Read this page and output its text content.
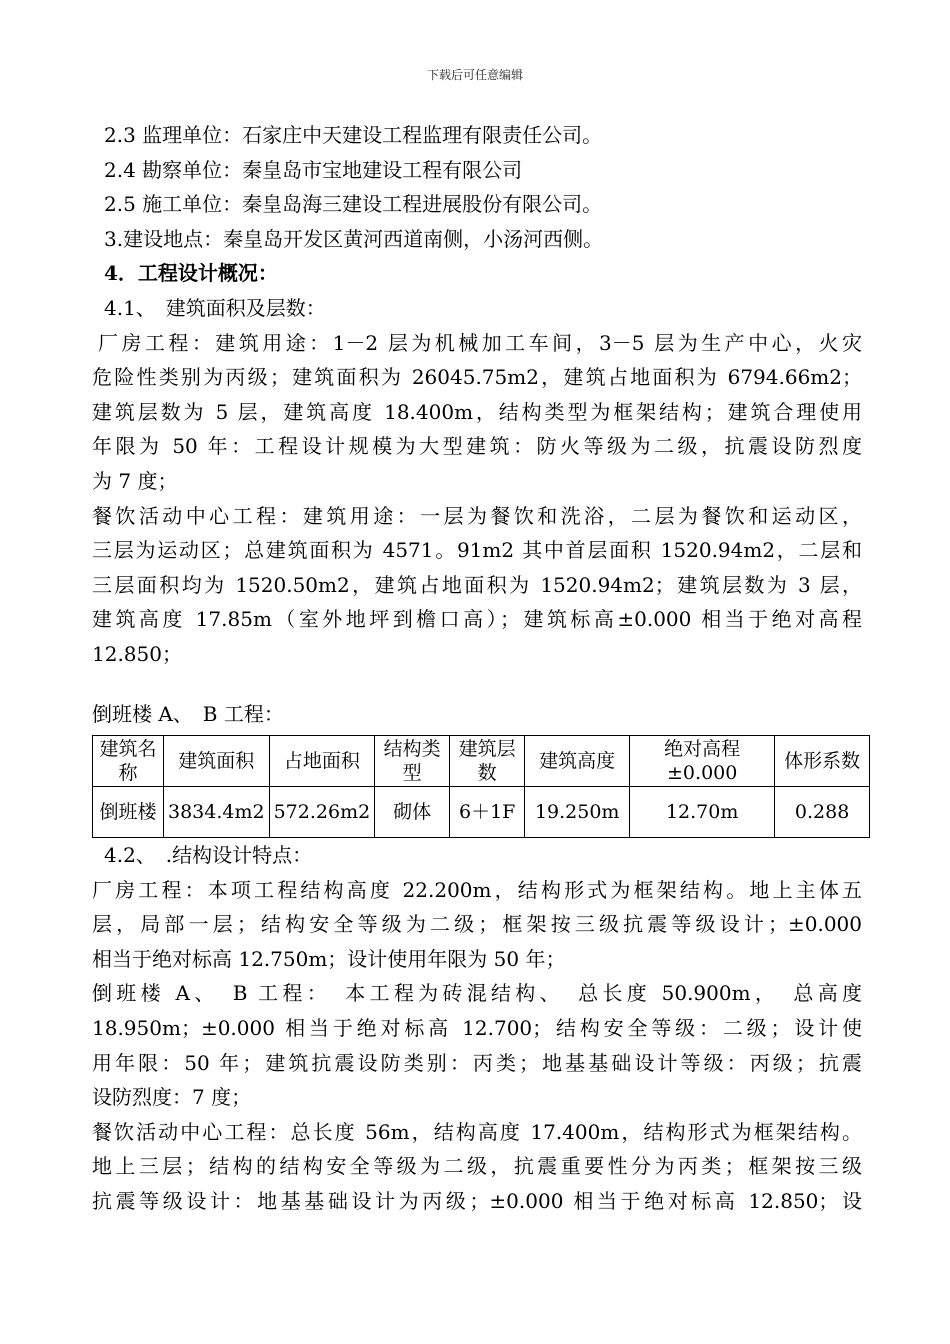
下载后可任意编辑

2.3 监理单位：石家庄中天建设工程监理有限责任公司。

2.4 勘察单位：秦皇岛市宝地建设工程有限公司

2.5 施工单位：秦皇岛海三建设工程进展股份有限公司。

3.建设地点：秦皇岛开发区黄河西道南侧，小汤河西侧。

4．工程设计概况：

4.1、　建筑面积及层数：

厂房工程：建筑用途：1－2 层为机械加工车间，3－5 层为生产中心，火灾

危险性类别为丙级；建筑面积为 26045.75m2，建筑占地面积为 6794.66m2；

建筑层数为 5 层，建筑高度 18.400m，结构类型为框架结构；建筑合理使用

年限为 50 年：工程设计规模为大型建筑：防火等级为二级，抗震设防烈度

为 7 度；

餐饮活动中心工程：建筑用途：一层为餐饮和洗浴，二层为餐饮和运动区，

三层为运动区；总建筑面积为 4571。91m2 其中首层面积 1520.94m2，二层和

三层面积均为 1520.50m2，建筑占地面积为 1520.94m2；建筑层数为 3 层，

建筑高度 17.85m（室外地坪到檐口高）；建筑标高±0.000 相当于绝对高程

12.850；

倒班楼 A、　B 工程：

建筑名称	建筑面积	占地面积	结构类型	建筑层数	建筑高度	绝对高程±0.000	体形系数
倒班楼	3834.4m2	572.26m2	砌体	6＋1F	19.250m	12.70m	0.288

4.2、　.结构设计特点：

厂房工程：本项工程结构高度 22.200m，结构形式为框架结构。地上主体五

层，局部一层；结构安全等级为二级；框架按三级抗震等级设计；±0.000

相当于绝对标高 12.750m；设计使用年限为 50 年；

倒班楼 A、　B 工程：　本工程为砖混结构、　总长度 50.900m，　总高度

18.950m；±0.000 相当于绝对标高 12.700；结构安全等级：二级；设计使

用年限：50 年；建筑抗震设防类别：丙类；地基基础设计等级：丙级；抗震

设防烈度：7 度；

餐饮活动中心工程：总长度 56m，结构高度 17.400m，结构形式为框架结构。

地上三层；结构的结构安全等级为二级，抗震重要性分为丙类；框架按三级

抗震等级设计：地基基础设计为丙级；±0.000 相当于绝对标高 12.850；设
